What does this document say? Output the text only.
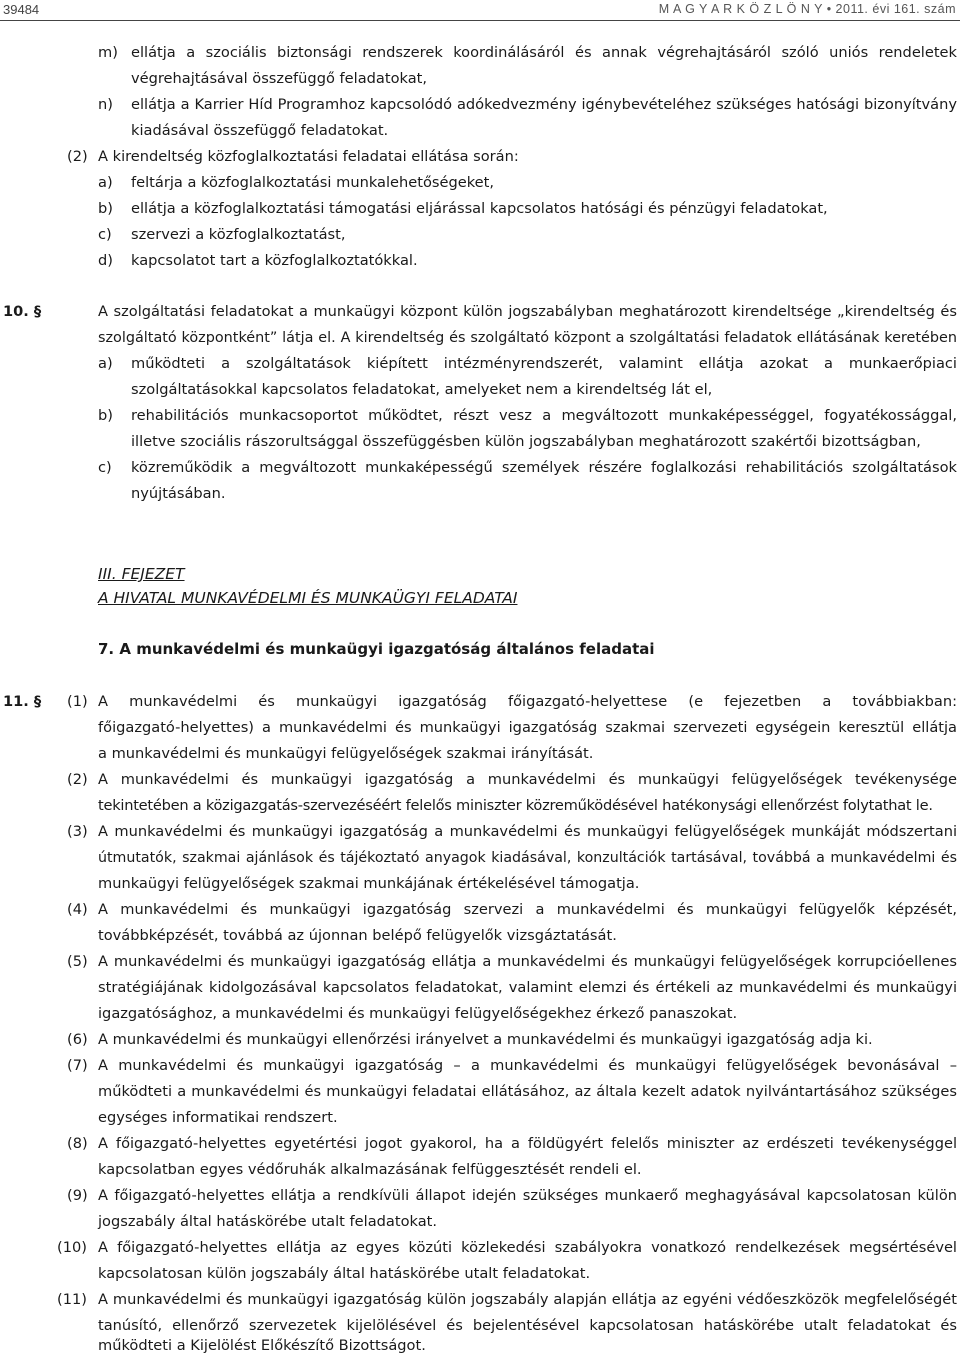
39484	M A G Y A R K Ö Z L Ö N Y • 2011. évi 161. szám
m) ellátja a szociális biztonsági rendszerek koordinálásáról és annak végrehajtásáról szóló uniós rendeletek
végrehajtásával összefüggő feladatokat,
n) ellátja a Karrier Híd Programhoz kapcsolódó adókedvezmény igénybevételéhez szükséges hatósági bizonyítvány
kiadásával összefüggő feladatokat.
(2) A kirendeltség közfoglalkoztatási feladatai ellátása során:
a) feltárja a közfoglalkoztatási munkalehetőségeket,
b) ellátja a közfoglalkoztatási támogatási eljárással kapcsolatos hatósági és pénzügyi feladatokat,
c) szervezi a közfoglalkoztatást,
d) kapcsolatot tart a közfoglalkoztatókkal.
10. §	A szolgáltatási feladatokat a munkaügyi központ külön jogszabályban meghatározott kirendeltsége „kirendeltség és
szolgáltató központként” látja el. A kirendeltség és szolgáltató központ a szolgáltatási feladatok ellátásának keretében
a) működteti a szolgáltatások kiépített intézményrendszerét, valamint ellátja azokat a munkaerőpiaci
szolgáltatásokkal kapcsolatos feladatokat, amelyeket nem a kirendeltség lát el,
b) rehabilitációs munkacsoportot működtet, részt vesz a megváltozott munkaképességgel, fogyatékossággal,
illetve szociális rászorultsággal összefüggésben külön jogszabályban meghatározott szakértői bizottságban,
c) közreműködik a megváltozott munkaképességű személyek részére foglalkozási rehabilitációs szolgáltatások
nyújtásában.
III. FEJEZET
A HIVATAL MUNKAVÉDELMI ÉS MUNKAÜGYI FELADATAI
7. A munkavédelmi és munkaügyi igazgatóság általános feladatai
11. § (1) A munkavédelmi és munkaügyi igazgatóság főigazgató-helyettese (e fejezetben a továbbiakban:
főigazgató-helyettes) a munkavédelmi és munkaügyi igazgatóság szakmai szervezeti egységein keresztül ellátja
a munkavédelmi és munkaügyi felügyelőségek szakmai irányítását.
(2) A munkavédelmi és munkaügyi igazgatóság a munkavédelmi és munkaügyi felügyelőségek tevékenysége
tekintetében a közigazgatás-szervezéséért felelős miniszter közreműködésével hatékonysági ellenőrzést folytathat le.
(3) A munkavédelmi és munkaügyi igazgatóság a munkavédelmi és munkaügyi felügyelőségek munkáját módszertani
útmutatók, szakmai ajánlások és tájékoztató anyagok kiadásával, konzultációk tartásával, továbbá a munkavédelmi és
munkaügyi felügyelőségek szakmai munkájának értékelésével támogatja.
(4) A munkavédelmi és munkaügyi igazgatóság szervezi a munkavédelmi és munkaügyi felügyelők képzését,
továbbképzését, továbbá az újonnan belépő felügyelők vizsgáztatását.
(5) A munkavédelmi és munkaügyi igazgatóság ellátja a munkavédelmi és munkaügyi felügyelőségek korrupcióellenes
stratégiájának kidolgozásával kapcsolatos feladatokat, valamint elemzi és értékeli az munkavédelmi és munkaügyi
igazgatósághoz, a munkavédelmi és munkaügyi felügyelőségekhez érkező panaszokat.
(6) A munkavédelmi és munkaügyi ellenőrzési irányelvet a munkavédelmi és munkaügyi igazgatóság adja ki.
(7) A munkavédelmi és munkaügyi igazgatóság – a munkavédelmi és munkaügyi felügyelőségek bevonásával –
működteti a munkavédelmi és munkaügyi feladatai ellátásához, az általa kezelt adatok nyilvántartásához szükséges
egységes informatikai rendszert.
(8) A főigazgató-helyettes egyetértési jogot gyakorol, ha a földügyért felelős miniszter az erdészeti tevékenységgel
kapcsolatban egyes védőruhák alkalmazásának felfüggesztését rendeli el.
(9) A főigazgató-helyettes ellátja a rendkívüli állapot idején szükséges munkaerő meghagyásával kapcsolatosan külön
jogszabály által hatáskörébe utalt feladatokat.
(10) A főigazgató-helyettes ellátja az egyes közúti közlekedési szabályokra vonatkozó rendelkezések megsértésével
kapcsolatosan külön jogszabály által hatáskörébe utalt feladatokat.
(11) A munkavédelmi és munkaügyi igazgatóság külön jogszabály alapján ellátja az egyéni védőeszközök megfelelőségét
tanúsító, ellenőrző szervezetek kijelölésével és bejelentésével kapcsolatosan hatáskörébe utalt feladatokat és
működteti a Kijelölést Előkészítő Bizottságot.
